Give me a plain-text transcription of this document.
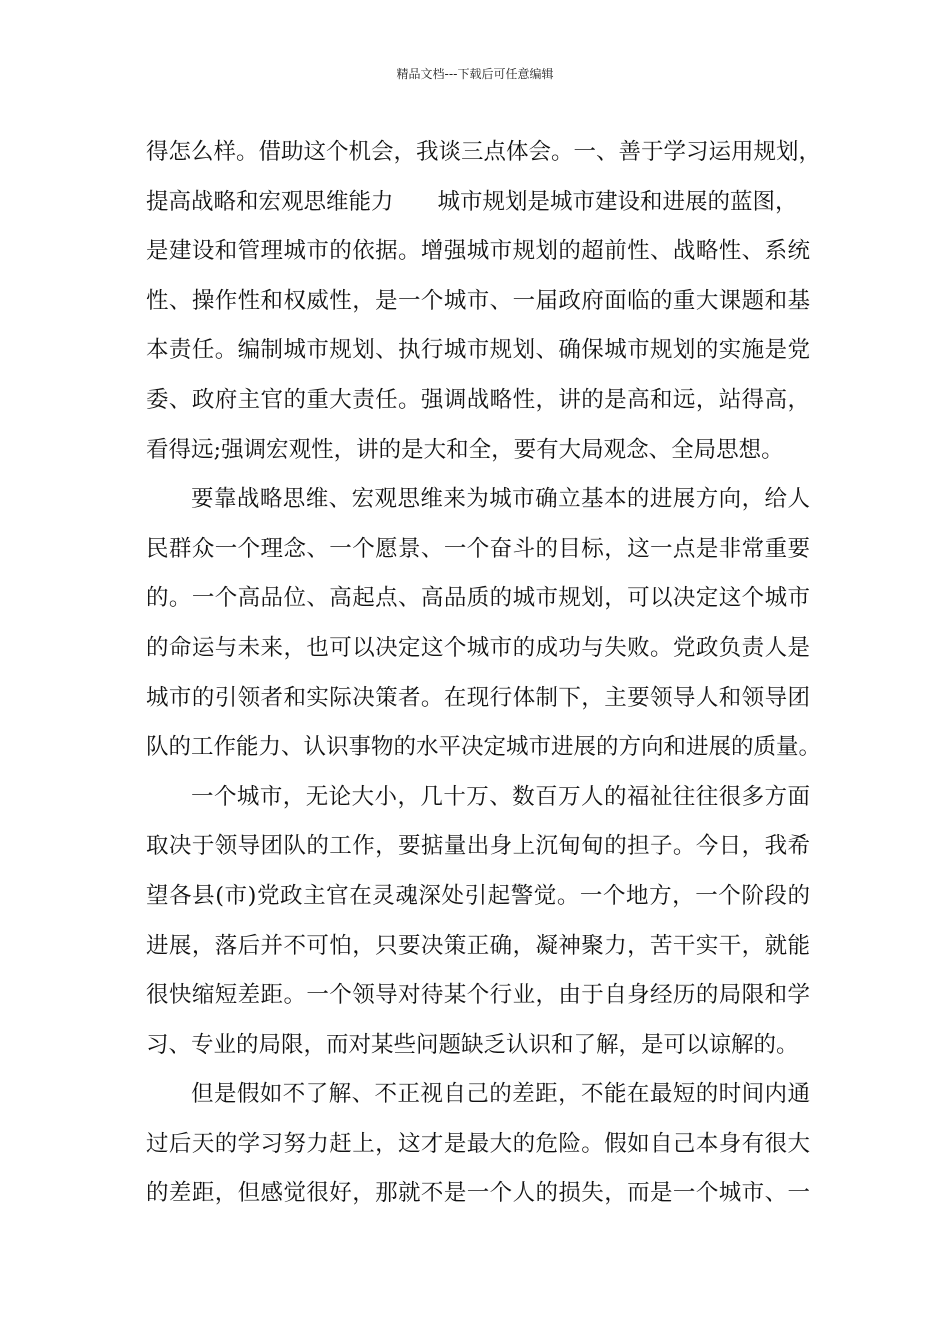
精品文档---下载后可任意编辑
得怎么样。借助这个机会，我谈三点体会。一、善于学习运用规划，
提高战略和宏观思维能力 城市规划是城市建设和进展的蓝图，
是建设和管理城市的依据。增强城市规划的超前性、战略性、系统
性、操作性和权威性，是一个城市、一届政府面临的重大课题和基
本责任。编制城市规划、执行城市规划、确保城市规划的实施是党
委、政府主官的重大责任。强调战略性，讲的是高和远，站得高，
看得远;强调宏观性，讲的是大和全，要有大局观念、全局思想。
要靠战略思维、宏观思维来为城市确立基本的进展方向，给人
民群众一个理念、一个愿景、一个奋斗的目标，这一点是非常重要
的。一个高品位、高起点、高品质的城市规划，可以决定这个城市
的命运与未来，也可以决定这个城市的成功与失败。党政负责人是
城市的引领者和实际决策者。在现行体制下，主要领导人和领导团
队的工作能力、认识事物的水平决定城市进展的方向和进展的质量。
一个城市，无论大小，几十万、数百万人的福祉往往很多方面
取决于领导团队的工作，要掂量出身上沉甸甸的担子。今日，我希
望各县(市)党政主官在灵魂深处引起警觉。一个地方，一个阶段的
进展，落后并不可怕，只要决策正确，凝神聚力，苦干实干，就能
很快缩短差距。一个领导对待某个行业，由于自身经历的局限和学
习、专业的局限，而对某些问题缺乏认识和了解，是可以谅解的。
但是假如不了解、不正视自己的差距，不能在最短的时间内通
过后天的学习努力赶上，这才是最大的危险。假如自己本身有很大
的差距，但感觉很好，那就不是一个人的损失，而是一个城市、一
